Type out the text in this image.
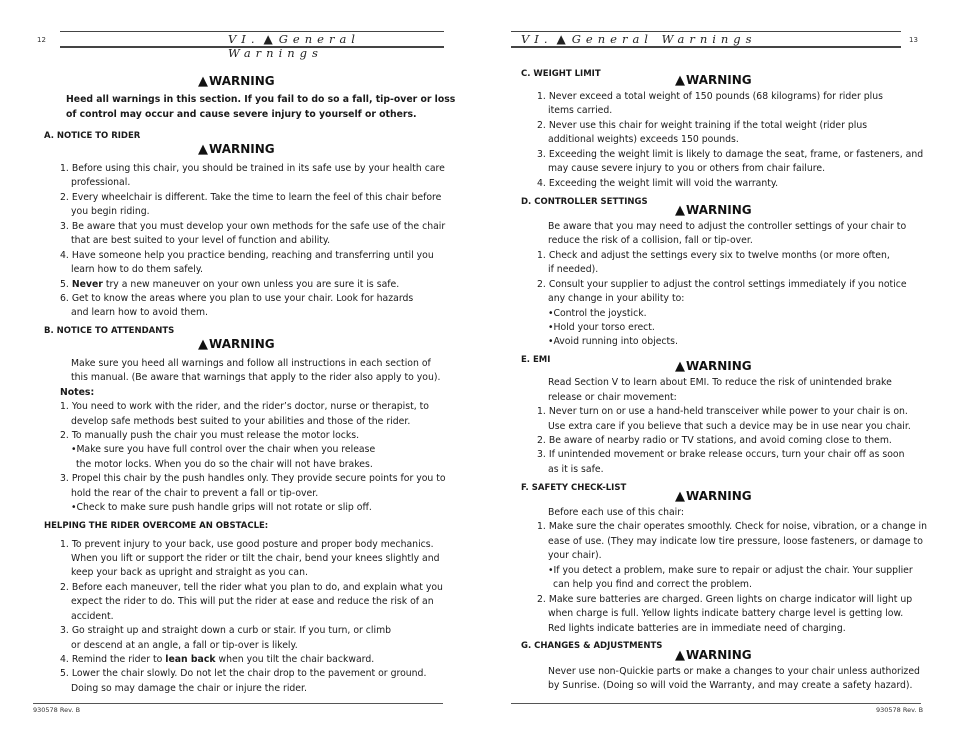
12	VI. ▲ General Warnings
▲WARNING

Heed all warnings in this section. If you fail to do so a fall, tip-over or loss

of control may occur and cause severe injury to yourself or others.

A. NOTICE TO RIDER

▲WARNING

1. Before using this chair, you should be trained in its safe use by your health care

professional.

2. Every wheelchair is different. Take the time to learn the feel of this chair before

you begin riding.

3. Be aware that you must develop your own methods for the safe use of the chair

that are best suited to your level of function and ability.

4. Have someone help you practice bending, reaching and transferring until you

learn how to do them safely.

5. Never try a new maneuver on your own unless you are sure it is safe.

6. Get to know the areas where you plan to use your chair. Look for hazards

and learn how to avoid them.

B. NOTICE TO ATTENDANTS

▲WARNING

Make sure you heed all warnings and follow all instructions in each section of

this manual. (Be aware that warnings that apply to the rider also apply to you).

Notes:

1. You need to work with the rider, and the rider’s doctor, nurse or therapist, to

develop safe methods best suited to your abilities and those of the rider.

2. To manually push the chair you must release the motor locks.

•Make sure you have full control over the chair when you release

the motor locks. When you do so the chair will not have brakes.

3. Propel this chair by the push handles only. They provide secure points for you to

hold the rear of the chair to prevent a fall or tip-over.

•Check to make sure push handle grips will not rotate or slip off.

HELPING THE RIDER OVERCOME AN OBSTACLE:

1. To prevent injury to your back, use good posture and proper body mechanics.

When you lift or support the rider or tilt the chair, bend your knees slightly and

keep your back as upright and straight as you can.

2. Before each maneuver, tell the rider what you plan to do, and explain what you

expect the rider to do. This will put the rider at ease and reduce the risk of an

accident.

3. Go straight up and straight down a curb or stair. If you turn, or climb

or descend at an angle, a fall or tip-over is likely.

4. Remind the rider to lean back when you tilt the chair backward.

5. Lower the chair slowly. Do not let the chair drop to the pavement or ground.

Doing so may damage the chair or injure the rider.

930578 Rev. B
VI. ▲ General Warnings	13

C. WEIGHT LIMIT	▲WARNING

1. Never exceed a total weight of 150 pounds (68 kilograms) for rider plus

items carried.

2. Never use this chair for weight training if the total weight (rider plus

additional weights) exceeds 150 pounds.

3. Exceeding the weight limit is likely to damage the seat, frame, or fasteners, and

may cause severe injury to you or others from chair failure.

4. Exceeding the weight limit will void the warranty.

D. CONTROLLER SETTINGS

▲WARNING

Be aware that you may need to adjust the controller settings of your chair to

reduce the risk of a collision, fall or tip-over.

1. Check and adjust the settings every six to twelve months (or more often,

if needed).

2. Consult your supplier to adjust the control settings immediately if you notice

any change in your ability to:

•Control the joystick.

•Hold your torso erect.

•Avoid running into objects.

E. EMI	▲WARNING

Read Section V to learn about EMI. To reduce the risk of unintended brake

release or chair movement:

1. Never turn on or use a hand-held transceiver while power to your chair is on.

Use extra care if you believe that such a device may be in use near you chair.

2. Be aware of nearby radio or TV stations, and avoid coming close to them.

3. If unintended movement or brake release occurs, turn your chair off as soon

as it is safe.

F. SAFETY CHECK-LIST

▲WARNING

Before each use of this chair:

1. Make sure the chair operates smoothly. Check for noise, vibration, or a change in

ease of use. (They may indicate low tire pressure, loose fasteners, or damage to

your chair).

•If you detect a problem, make sure to repair or adjust the chair. Your supplier

can help you find and correct the problem.

2. Make sure batteries are charged. Green lights on charge indicator will light up

when charge is full. Yellow lights indicate battery charge level is getting low.

Red lights indicate batteries are in immediate need of charging.

G. CHANGES & ADJUSTMENTS

▲WARNING

Never use non-Quickie parts or make a changes to your chair unless authorized

by Sunrise. (Doing so will void the Warranty, and may create a safety hazard).

930578 Rev. B
